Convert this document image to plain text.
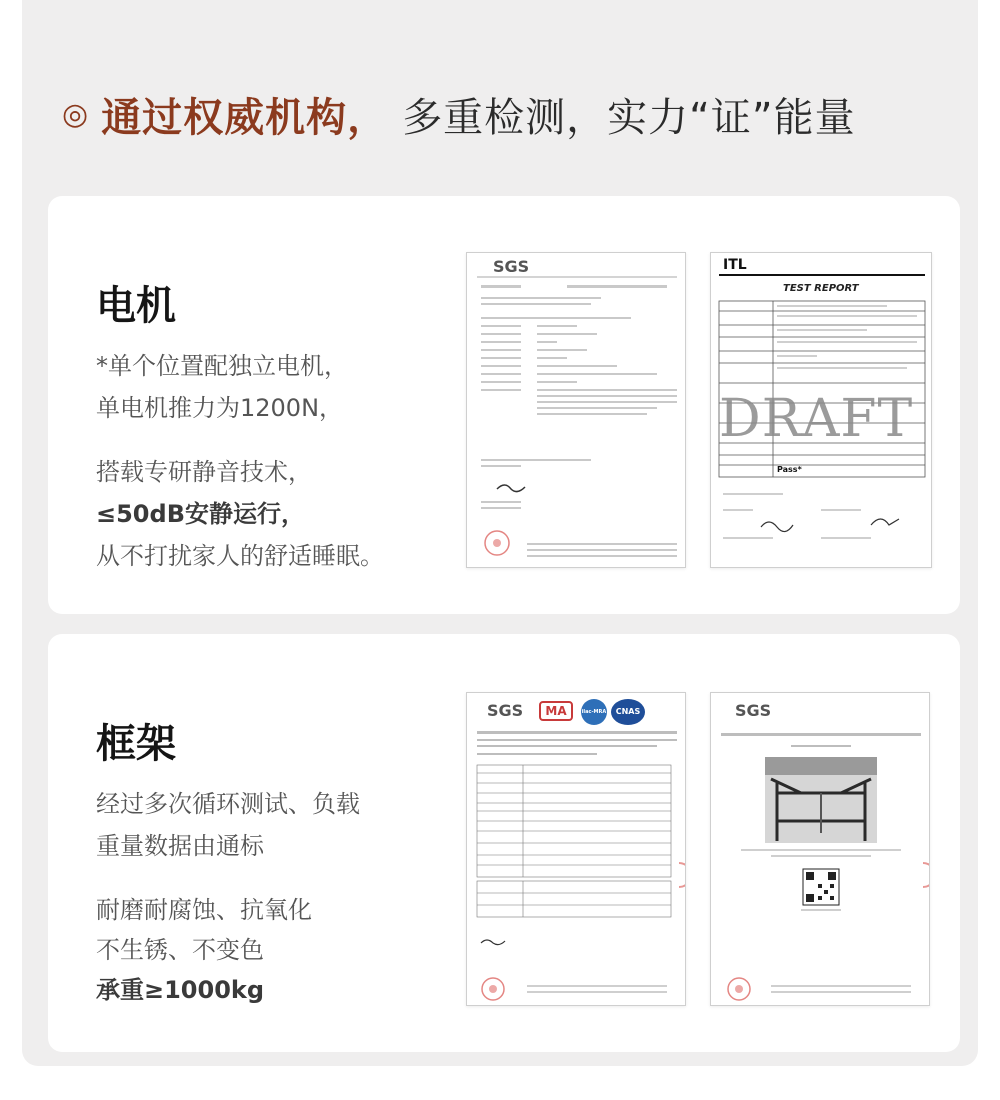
◎ 通过权威机构， 多重检测，实力“证”能量
电机
*单个位置配独立电机，
单电机推力为1200N，
搭载专研静音技术，
≤50dB安静运行，
从不打扰家人的舒适睡眠。
SGS	ITL
TEST REPORT
DRAFT
Pass*
框架
经过多次循环测试、负载
重量数据由通标
耐磨耐腐蚀、抗氧化
不生锈、不变色
承重≥1000kg
SGS	MA	ilac-MRA	CNAS	SGS
